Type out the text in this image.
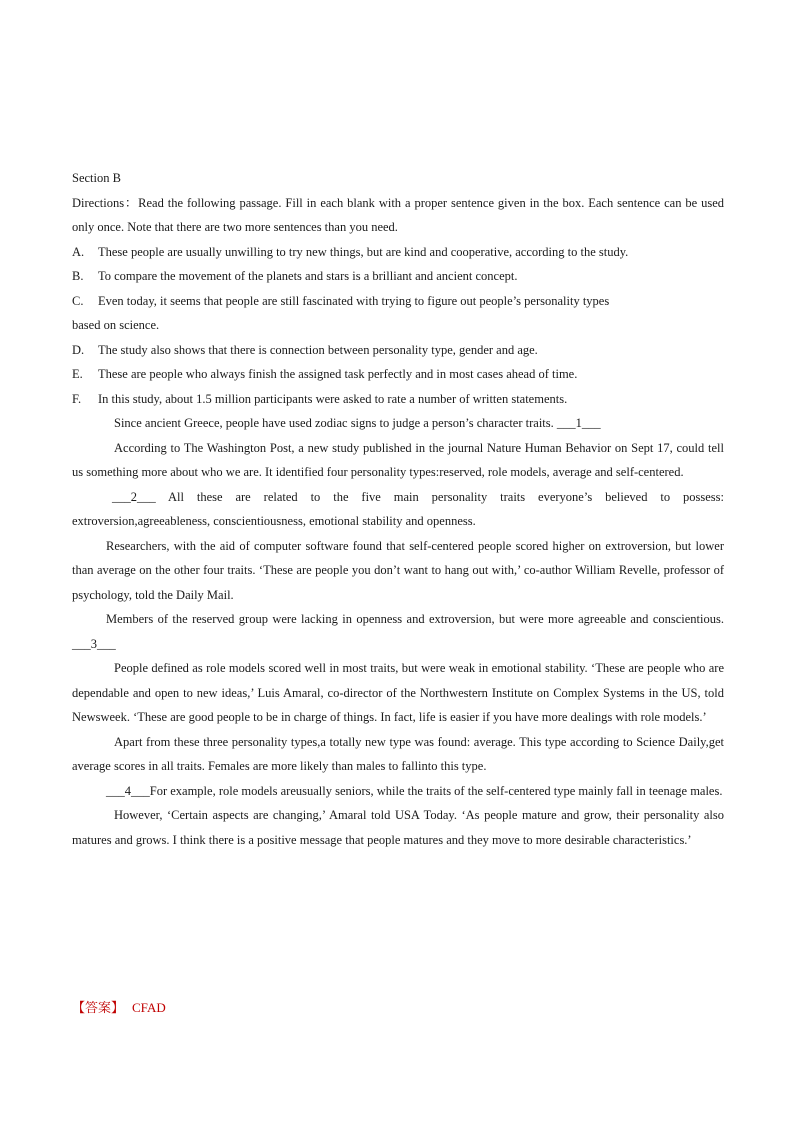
Section B
Directions：Read the following passage. Fill in each blank with a proper sentence given in the box. Each sentence can be used only once. Note that there are two more sentences than you need.
A.	These people are usually unwilling to try new things, but are kind and cooperative, according to the study.
B.	To compare the movement of the planets and stars is a brilliant and ancient concept.
C.	Even today, it seems that people are still fascinated with trying to figure out people’s personality types
based on science.
D.	The study also shows that there is connection between personality type, gender and age.
E.	These are people who always finish the assigned task perfectly and in most cases ahead of time.
F.	In this study, about 1.5 million participants were asked to rate a number of written statements.
Since ancient Greece, people have used zodiac signs to judge a person’s character traits. ___1___
According to The Washington Post, a new study published in the journal Nature Human Behavior on Sept 17, could tell us something more about who we are. It identified four personality types:reserved, role models, average and self-centered.
___2___ All these are related to the five main personality traits everyone’s believed to possess: extroversion,agreeableness, conscientiousness, emotional stability and openness.
Researchers, with the aid of computer software found that self-centered people scored higher on extroversion, but lower than average on the other four traits. ‘These are people you don’t want to hang out with,’ co-author William Revelle, professor of psychology, told the Daily Mail.
Members of the reserved group were lacking in openness and extroversion, but were more agreeable and conscientious. ___3___
People defined as role models scored well in most traits, but were weak in emotional stability. ‘These are people who are dependable and open to new ideas,’ Luis Amaral, co-director of the Northwestern Institute on Complex Systems in the US, told Newsweek. ‘These are good people to be in charge of things. In fact, life is easier if you have more dealings with role models.’
Apart from these three personality types,a totally new type was found: average. This type according to Science Daily,get average scores in all traits. Females are more likely than males to fallinto this type.
___4___For example, role models areusually seniors, while the traits of the self-centered type mainly fall in teenage males.
However, ‘Certain aspects are changing,’ Amaral told USA Today. ‘As people mature and grow, their personality also matures and grows. I think there is a positive message that people matures and they move to more desirable characteristics.’
【答案】 CFAD
